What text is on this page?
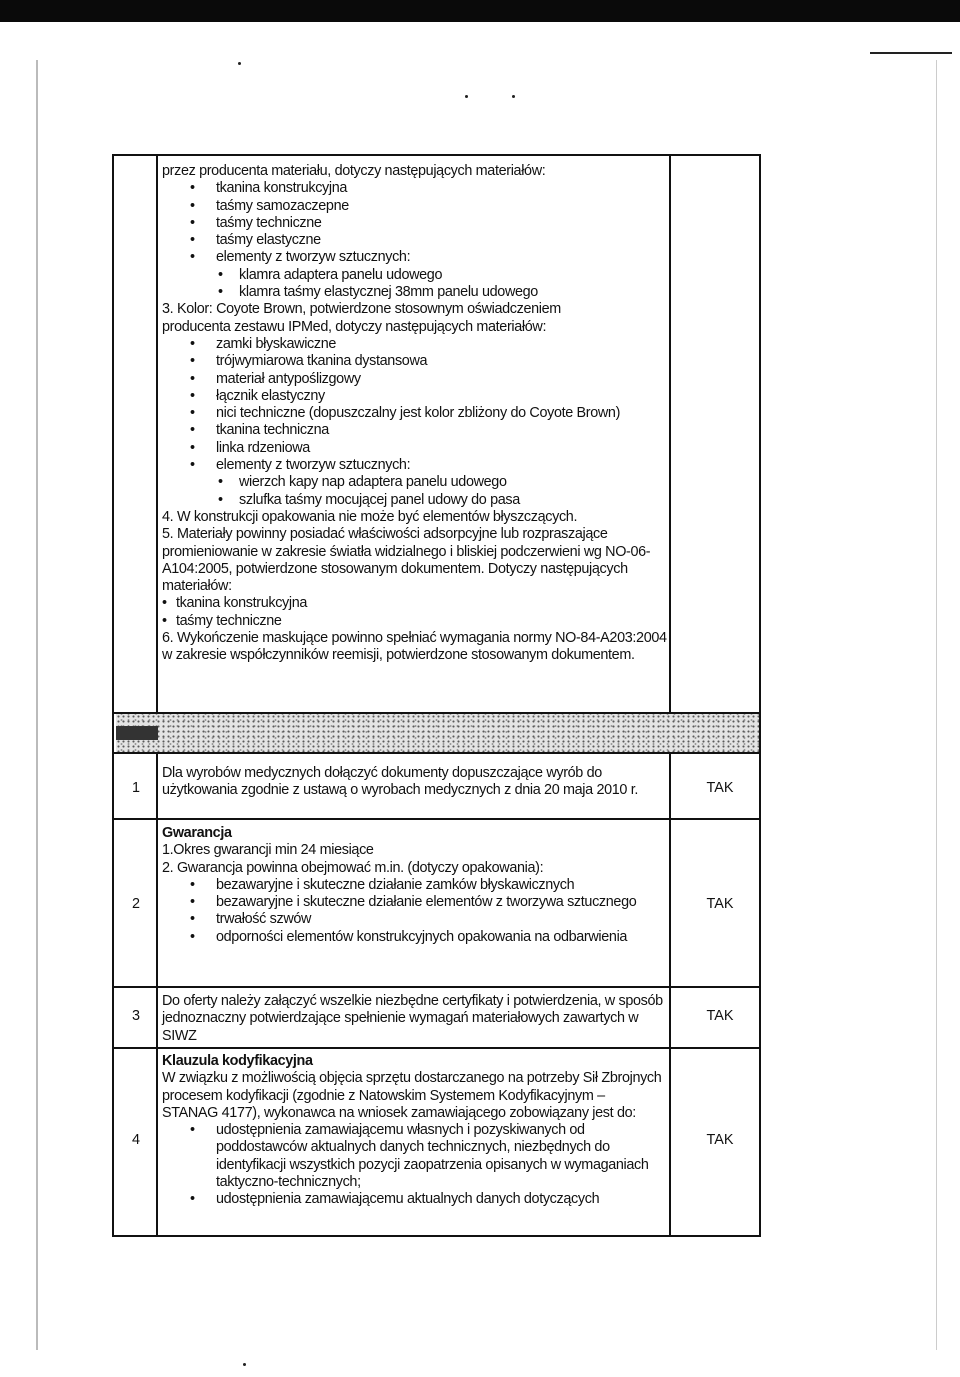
przez producenta materiału, dotyczy następujących materiałów:

• tkanina konstrukcyjna
• taśmy samozaczepne
• taśmy techniczne
• taśmy elastyczne
• elementy z tworzyw sztucznych:
• klamra adaptera panelu udowego
• klamra taśmy elastycznej 38mm panelu udowego

3. Kolor: Coyote Brown, potwierdzone stosownym oświadczeniem

producenta zestawu IPMed, dotyczy następujących materiałów:

• zamki błyskawiczne
• trójwymiarowa tkanina dystansowa
• materiał antypoślizgowy
• łącznik elastyczny
• nici techniczne (dopuszczalny jest kolor zbliżony do Coyote Brown)
• tkanina techniczna
• linka rdzeniowa
• elementy z tworzyw sztucznych:
• wierzch kapy nap adaptera panelu udowego
• szlufka taśmy mocującej panel udowy do pasa

4. W konstrukcji opakowania nie może być elementów błyszczących.

5. Materiały powinny posiadać właściwości adsorpcyjne lub rozpraszające promieniowanie w zakresie światła widzialnego i bliskiej podczerwieni wg NO-06-A104:2005, potwierdzone stosowanym dokumentem. Dotyczy następujących materiałów:

• tkanina konstrukcyjna
• taśmy techniczne

6. Wykończenie maskujące powinno spełniać wymagania normy NO-84-A203:2004 w zakresie współczynników reemisji, potwierdzone stosowanym dokumentem.

1
Dla wyrobów medycznych dołączyć dokumenty dopuszczające wyrób do użytkowania zgodnie z ustawą o wyrobach medycznych z dnia 20 maja 2010 r.	TAK
2

Gwarancja

1.Okres gwarancji min 24 miesiące

2. Gwarancja powinna obejmować m.in. (dotyczy opakowania):

• bezawaryjne i skuteczne działanie zamków błyskawicznych
• bezawaryjne i skuteczne działanie elementów z tworzywa sztucznego
• trwałość szwów
• odporności elementów konstrukcyjnych opakowania na odbarwienia
TAK
3
Do oferty należy załączyć wszelkie niezbędne certyfikaty i potwierdzenia, w sposób jednoznaczny potwierdzające spełnienie wymagań materiałowych zawartych w SIWZ
TAK
4

Klauzula kodyfikacyjna

W związku z możliwością objęcia sprzętu dostarczanego na potrzeby Sił Zbrojnych procesem kodyfikacji (zgodnie z Natowskim Systemem Kodyfikacyjnym – STANAG 4177), wykonawca na wniosek zamawiającego zobowiązany jest do:

• udostępnienia zamawiającemu własnych i pozyskiwanych od poddostawców aktualnych danych technicznych, niezbędnych do identyfikacji wszystkich pozycji zaopatrzenia opisanych w wymaganiach taktyczno-technicznych;
• udostępnienia zamawiającemu aktualnych danych dotyczących
TAK
